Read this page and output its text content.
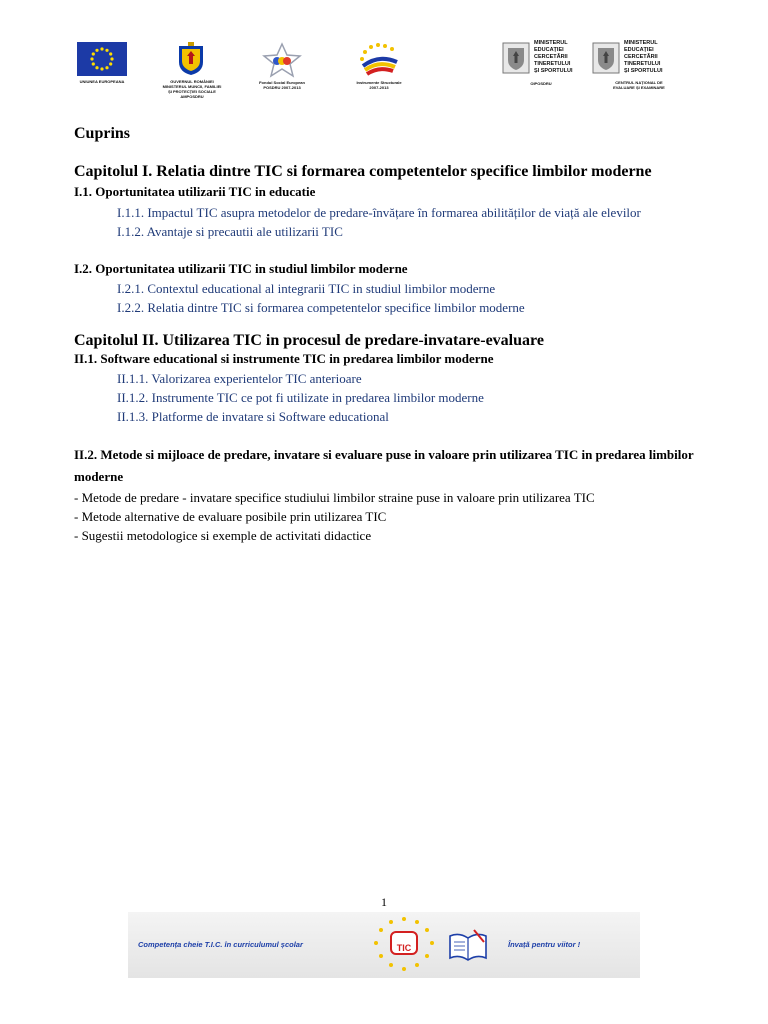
UNIUNEA EUROPEANA	GUVERNUL ROMÂNIEI
MINISTERUL MUNCII, FAMILIEI
ȘI PROTECȚIEI SOCIALE
AMPOSDRU
Fondul Social European
POSDRU 2007-2013
Instrumente Structurale
2007-2013
MINISTERUL
EDUCAȚIEI
CERCETĂRII
TINERETULUI
ȘI SPORTULUI
OIPOSDRU
MINISTERUL
EDUCAȚIEI
CERCETĂRII
TINERETULUI
ȘI SPORTULUI
CENTRUL NAȚIONAL DE
EVALUARE ȘI EXAMINARE
Cuprins
Capitolul I. Relatia dintre TIC si formarea competentelor specifice limbilor moderne
I.1. Oportunitatea utilizarii TIC in educatie
I.1.1. Impactul TIC asupra metodelor de predare-învățare în formarea abilităților de viață ale elevilor
I.1.2. Avantaje si precautii ale utilizarii TIC
I.2. Oportunitatea utilizarii TIC in studiul limbilor moderne
I.2.1. Contextul educational al integrarii TIC in studiul limbilor moderne
I.2.2. Relatia dintre TIC si formarea competentelor specifice limbilor moderne
Capitolul II. Utilizarea TIC in procesul de predare-invatare-evaluare
II.1. Software educational si instrumente TIC in predarea limbilor moderne
II.1.1. Valorizarea experientelor TIC anterioare
II.1.2. Instrumente TIC ce pot fi utilizate in predarea limbilor moderne
II.1.3. Platforme de invatare si Software educational
II.2. Metode si mijloace de predare, invatare si evaluare puse in valoare prin utilizarea TIC in predarea limbilor moderne
- Metode de predare - invatare specifice studiului limbilor straine puse in valoare prin utilizarea TIC
- Metode alternative de evaluare posibile prin utilizarea TIC
- Sugestii metodologice si exemple de activitati didactice
1
Competența cheie T.I.C. în curriculumul școlar	TIC	Învață pentru viitor !
